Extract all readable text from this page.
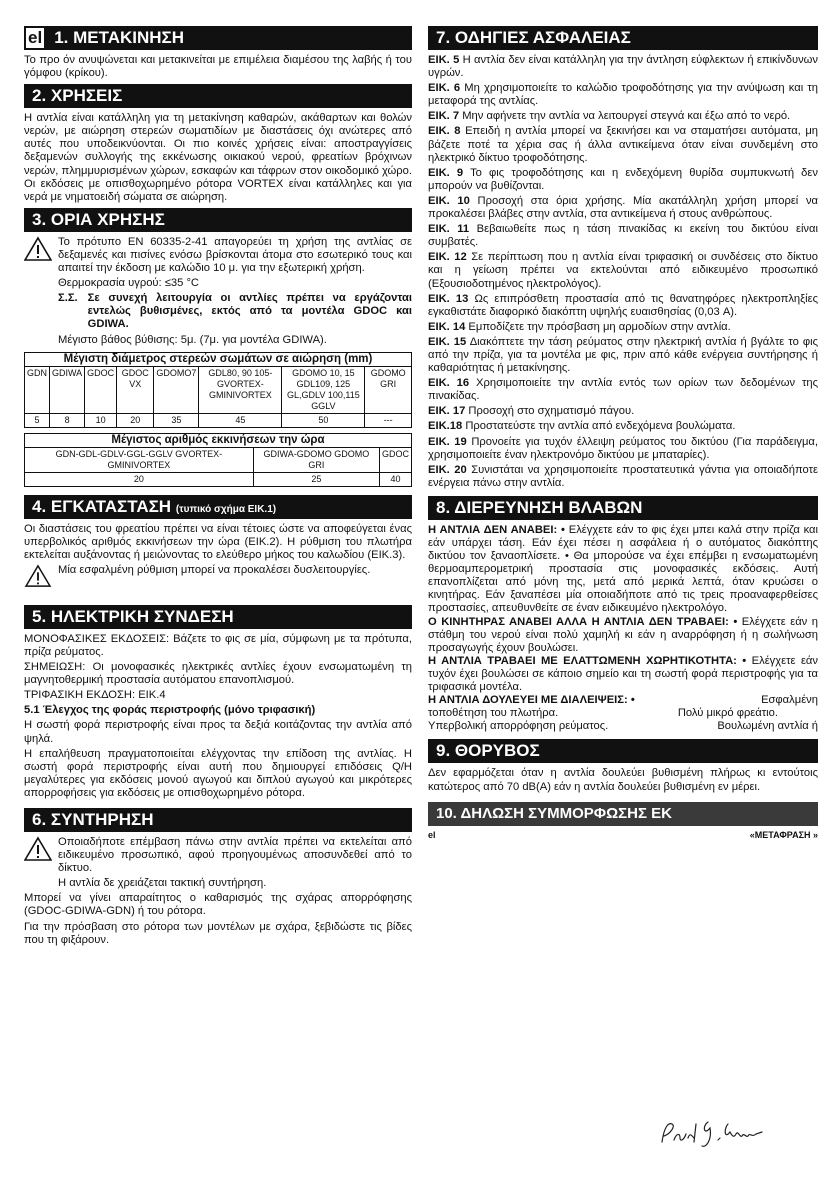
el 1. ΜΕΤΑΚΙΝΗΣΗ

Το προ όν ανυψώνεται και μετακινείται με επιμέλεια διαμέσου της λαβής ή του γόμφου (κρίκου).

2. ΧΡΗΣΕΙΣ

Η αντλία είναι κατάλληλη για τη μετακίνηση καθαρών, ακάθαρτων και θολών νερών, με αιώρηση στερεών σωματιδίων με διαστάσεις όχι ανώτερες από αυτές που υποδεικνύονται. Οι πιο κοινές χρήσεις είναι: αποστραγγίσεις δεξαμενών συλλογής της εκκένωσης οικιακού νερού, φρεατίων βρόχινων νερών, πλημμυρισμένων χώρων, εσκαφών και τάφρων στον οικοδομικό χώρο. Οι εκδόσεις με οπισθοχωρημένο ρότορα VORTEX είναι κατάλληλες και για νερά με νηματοειδή σώματα σε αιώρηση.

3. ΟΡΙΑ ΧΡΗΣΗΣ

Το πρότυπο EN 60335-2-41 απαγορεύει τη χρήση της αντλίας σε δεξαμενές και πισίνες ενόσω βρίσκονται άτομα στο εσωτερικό τους και απαιτεί την έκδοση με καλώδιο 10 μ. για την εξωτερική χρήση.

Θερμοκρασία υγρού: ≤35 °C

Σ.Σ. Σε συνεχή λειτουργία οι αντλίες πρέπει να εργάζονται εντελώς βυθισμένες, εκτός από τα μοντέλα GDOC και GDIWA.

Μέγιστο βάθος βύθισης: 5μ. (7μ. για μοντέλα GDIWA).

Μέγιστη διάμετρος στερεών σωμάτων σε αιώρηση (mm)							
GDN	GDIWA	GDOC	GDOC VX	GDOMO7	GDL80, 90 105- GVORTEX-GMINIVORTEX	GDOMO 10, 15 GDL109, 125 GL,GDLV 100,115 GGLV	GDOMO GRI
5	8	10	20	35	45	50	---
Μέγιστος αριθμός εκκινήσεων την ώρα		
GDN-GDL-GDLV-GGL-GGLV GVORTEX-GMINIVORTEX	GDIWA-GDOMO GDOMO GRI	GDOC
20	25	40
4. ΕΓΚΑΤΑΣΤΑΣΗ (τυπικό σχήμα ΕΙΚ.1)

Οι διαστάσεις του φρεατίου πρέπει να είναι τέτοιες ώστε να αποφεύγεται ένας υπερβολικός αριθμός εκκινήσεων την ώρα (ΕΙΚ.2). Η ρύθμιση του πλωτήρα εκτελείται αυξάνοντας ή μειώνοντας το ελεύθερο μήκος του καλωδίου (ΕΙΚ.3).

Μία εσφαλμένη ρύθμιση μπορεί να προκαλέσει δυσλειτουργίες.

5. ΗΛΕΚΤΡΙΚΗ ΣΥΝΔΕΣΗ

ΜΟΝΟΦΑΣΙΚΕΣ ΕΚΔΟΣΕΙΣ: Βάζετε το φις σε μία, σύμφωνη με τα πρότυπα, πρίζα ρεύματος.

ΣΗΜΕΙΩΣΗ: Οι μονοφασικές ηλεκτρικές αντλίες έχουν ενσωματωμένη τη μαγνητοθερμική προστασία αυτόματου επανοπλισμού.

ΤΡΙΦΑΣΙΚΗ ΕΚΔΟΣΗ: ΕΙΚ.4

5.1 Έλεγχος της φοράς περιστροφής (μόνο τριφασική)

Η σωστή φορά περιστροφής είναι προς τα δεξιά κοιτάζοντας την αντλία από ψηλά.

Η επαλήθευση πραγματοποιείται ελέγχοντας την επίδοση της αντλίας. Η σωστή φορά περιστροφής είναι αυτή που δημιουργεί επιδόσεις Q/H μεγαλύτερες για εκδόσεις μονού αγωγού και διπλού αγωγού και μικρότερες απορροφήσεις για εκδόσεις με οπισθοχωρημένο ρότορα.

6. ΣΥΝΤΗΡΗΣΗ

Οποιαδήποτε επέμβαση πάνω στην αντλία πρέπει να εκτελείται από ειδικευμένο προσωπικό, αφού προηγουμένως αποσυνδεθεί από το δίκτυο.

Η αντλία δε χρειάζεται τακτική συντήρηση.

Μπορεί να γίνει απαραίτητος ο καθαρισμός της σχάρας απορρόφησης (GDOC-GDIWA-GDN) ή του ρότορα.

Για την πρόσβαση στο ρότορα των μοντέλων με σχάρα, ξεβιδώστε τις βίδες που τη φιξάρουν.

7. ΟΔΗΓΙΕΣ ΑΣΦΑΛΕΙΑΣ

ΕΙΚ. 5 Η αντλία δεν είναι κατάλληλη για την άντληση εύφλεκτων ή επικίνδυνων υγρών.

ΕΙΚ. 6 Μη χρησιμοποιείτε το καλώδιο τροφοδότησης για την ανύψωση και τη μεταφορά της αντλίας.

ΕΙΚ. 7 Μην αφήνετε την αντλία να λειτουργεί στεγνά και έξω από το νερό.

ΕΙΚ. 8 Επειδή η αντλία μπορεί να ξεκινήσει και να σταματήσει αυτόματα, μη βάζετε ποτέ τα χέρια σας ή άλλα αντικείμενα όταν είναι συνδεμένη στο ηλεκτρικό δίκτυο τροφοδότησης.

ΕΙΚ. 9 Το φις τροφοδότησης και η ενδεχόμενη θυρίδα συμπυκνωτή δεν μπορούν να βυθίζονται.

ΕΙΚ. 10 Προσοχή στα όρια χρήσης. Μία ακατάλληλη χρήση μπορεί να προκαλέσει βλάβες στην αντλία, στα αντικείμενα ή στους ανθρώπους.

ΕΙΚ. 11 Βεβαιωθείτε πως η τάση πινακίδας κι εκείνη του δικτύου είναι συμβατές.

ΕΙΚ. 12 Σε περίπτωση που η αντλία είναι τριφασική οι συνδέσεις στο δίκτυο και η γείωση πρέπει να εκτελούνται από ειδικευμένο προσωπικό (Εξουσιοδοτημένος ηλεκτρολόγος).

ΕΙΚ. 13 Ως επιπρόσθετη προστασία από τις θανατηφόρες ηλεκτροπληξίες εγκαθιστάτε διαφορικό διακόπτη υψηλής ευαισθησίας (0,03 A).

ΕΙΚ. 14 Εμποδίζετε την πρόσβαση μη αρμοδίων στην αντλία.

ΕΙΚ. 15 Διακόπτετε την τάση ρεύματος στην ηλεκτρική αντλία ή βγάλτε το φις από την πρίζα, για τα μοντέλα με φις, πριν από κάθε ενέργεια συντήρησης ή καθαριότητας ή μετακίνησης.

ΕΙΚ. 16 Χρησιμοποιείτε την αντλία εντός των ορίων των δεδομένων της πινακίδας.

ΕΙΚ. 17 Προσοχή στο σχηματισμό πάγου.

ΕΙΚ.18 Προστατεύστε την αντλία από ενδεχόμενα βουλώματα.

ΕΙΚ. 19 Προνοείτε για τυχόν έλλειψη ρεύματος του δικτύου (Για παράδειγμα, χρησιμοποιείτε έναν ηλεκτρονόμο δικτύου με μπαταρίες).

ΕΙΚ. 20 Συνιστάται να χρησιμοποιείτε προστατευτικά γάντια για οποιαδήποτε ενέργεια πάνω στην αντλία.

8. ΔΙΕΡΕΥΝΗΣΗ ΒΛΑΒΩΝ

Η ΑΝΤΛΙΑ ΔΕΝ ΑΝΑΒΕΙ: • Ελέγχετε εάν το φις έχει μπει καλά στην πρίζα και εάν υπάρχει τάση. Εάν έχει πέσει η ασφάλεια ή ο αυτόματος διακόπτης δικτύου τον ξαναοπλίσετε. • Θα μπορούσε να έχει επέμβει η ενσωματωμένη θερμοαμπερομετρική προστασία στις μονοφασικές εκδόσεις. Αυτή επανοπλίζεται από μόνη της, μετά από μερικά λεπτά, όταν κρυώσει ο κινητήρας. Εάν ξαναπέσει μία οποιαδήποτε από τις τρεις προαναφερθείσες προστασίες, απευθυνθείτε σε έναν ειδικευμένο ηλεκτρολόγο.

Ο ΚΙΝΗΤΗΡΑΣ ΑΝΑΒΕΙ ΑΛΛΑ Η ΑΝΤΛΙΑ ΔΕΝ ΤΡΑΒΑΕΙ: • Ελέγχετε εάν η στάθμη του νερού είναι πολύ χαμηλή κι εάν η αναρρόφηση ή η σωλήνωση προσαγωγής έχουν βουλώσει.

Η ΑΝΤΛΙΑ ΤΡΑΒΑΕΙ ΜΕ ΕΛΑΤΤΩΜΕΝΗ ΧΩΡΗΤΙΚΟΤΗΤΑ: • Ελέγχετε εάν τυχόν έχει βουλώσει σε κάποιο σημείο και τη σωστή φορά περιστροφής για τα τριφασικά μοντέλα.

Η ΑΝΤΛΙΑ ΔΟΥΛΕΥΕΙ ΜΕ ΔΙΑΛΕΙΨΕΙΣ: •	Εσφαλμένη

τοποθέτηση του πλωτήρα.	Πολύ μικρό φρεάτιο.

Υπερβολική απορρόφηση ρεύματος.	Βουλωμένη αντλία ή

9. ΘΟΡΥΒΟΣ

Δεν εφαρμόζεται όταν η αντλία δουλεύει βυθισμένη πλήρως κι εντούτοις κατώτερος από 70 dB(A) εάν η αντλία δουλεύει βυθισμένη εν μέρει.

10. ΔΗΛΩΣΗ ΣΥΜΜΟΡΦΩΣΗΣ ΕΚ
el	«ΜΕΤΑΦΡΑΣΗ »
